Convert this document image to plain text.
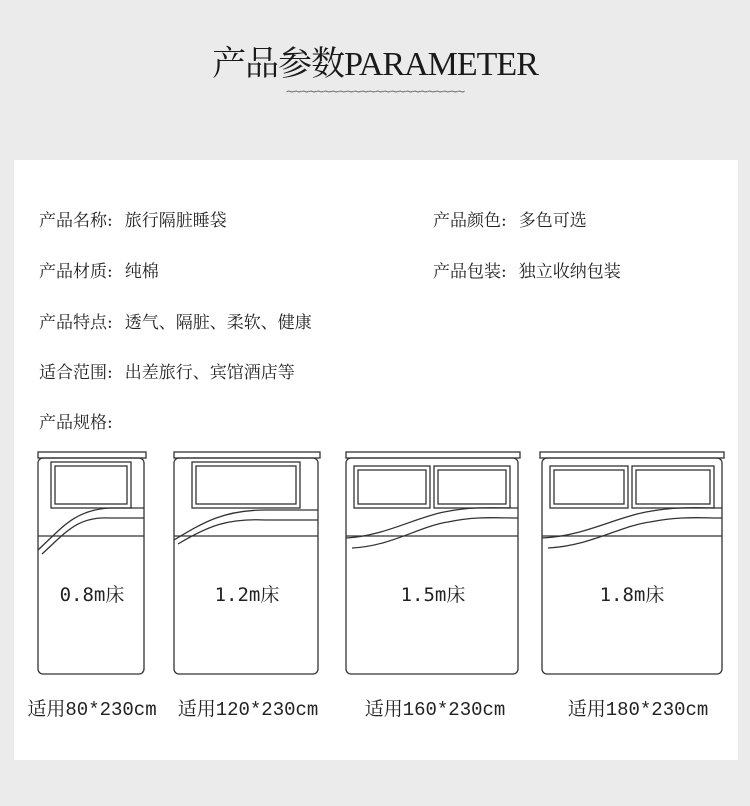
产品参数PARAMETER
~~~~~~~~~~~~~~~~~~~~~~~~
产品名称: 旅行隔脏睡袋	产品颜色: 多色可选
产品材质: 纯棉	产品包装: 独立收纳包装
产品特点: 透气、隔脏、柔软、健康
适合范围: 出差旅行、宾馆酒店等
产品规格:
0.8m床	1.2m床	1.5m床	1.8m床
适用80*230cm	适用120*230cm	适用160*230cm	适用180*230cm
